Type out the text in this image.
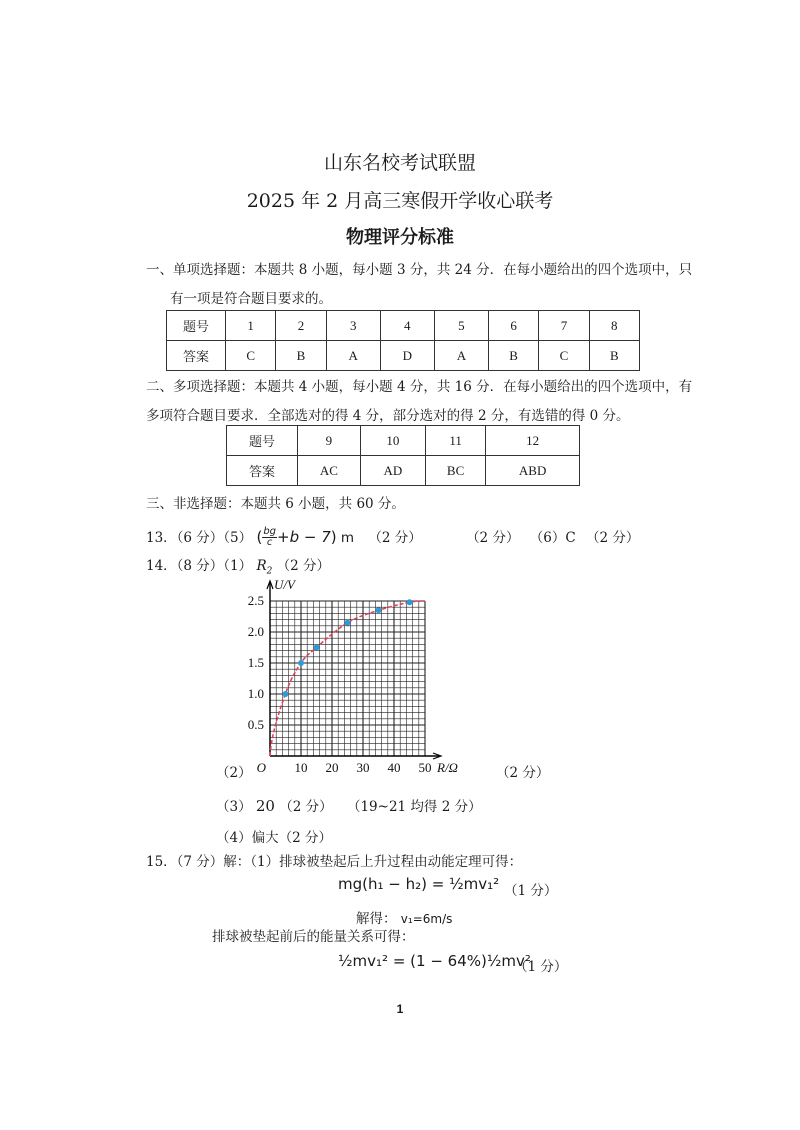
山东名校考试联盟
2025 年 2 月高三寒假开学收心联考
物理评分标准
一、单项选择题：本题共 8 小题，每小题 3 分，共 24 分．在每小题给出的四个选项中，只
有一项是符合题目要求的。
题号	1	2	3	4	5	6	7	8
答案	C	B	A	D	A	B	C	B
二、多项选择题：本题共 4 小题，每小题 4 分，共 16 分．在每小题给出的四个选项中，有
多项符合题目要求．全部选对的得 4 分，部分选对的得 2 分，有选错的得 0 分。
题号	9	10	11	12
答案	AC	AD	BC	ABD
三、非选择题：本题共 6 小题，共 60 分。
13．（6 分）（5） ( $\frac{bg}{c} +b - 7$) m （2 分）	（2 分） （6）C （2 分）
14．（8 分）（1） $R_2$ （2 分）
0.5
1.0
1.5
2.0
2.5
10 20 30 40 50
O
U/V
R/Ω
（2）	（2 分）
（3） 20 （2 分） （19~21 均得 2 分）
（4）偏大（2 分）
15．（7 分）解：（1）排球被垫起后上升过程由动能定理可得：
mg(h₁ − h₂) = ½mv₁² （1 分）
解得： v₁=6m/s
排球被垫起前后的能量关系可得：
½mv₁² = (1 − 64%)½mv²
（1 分）
1
